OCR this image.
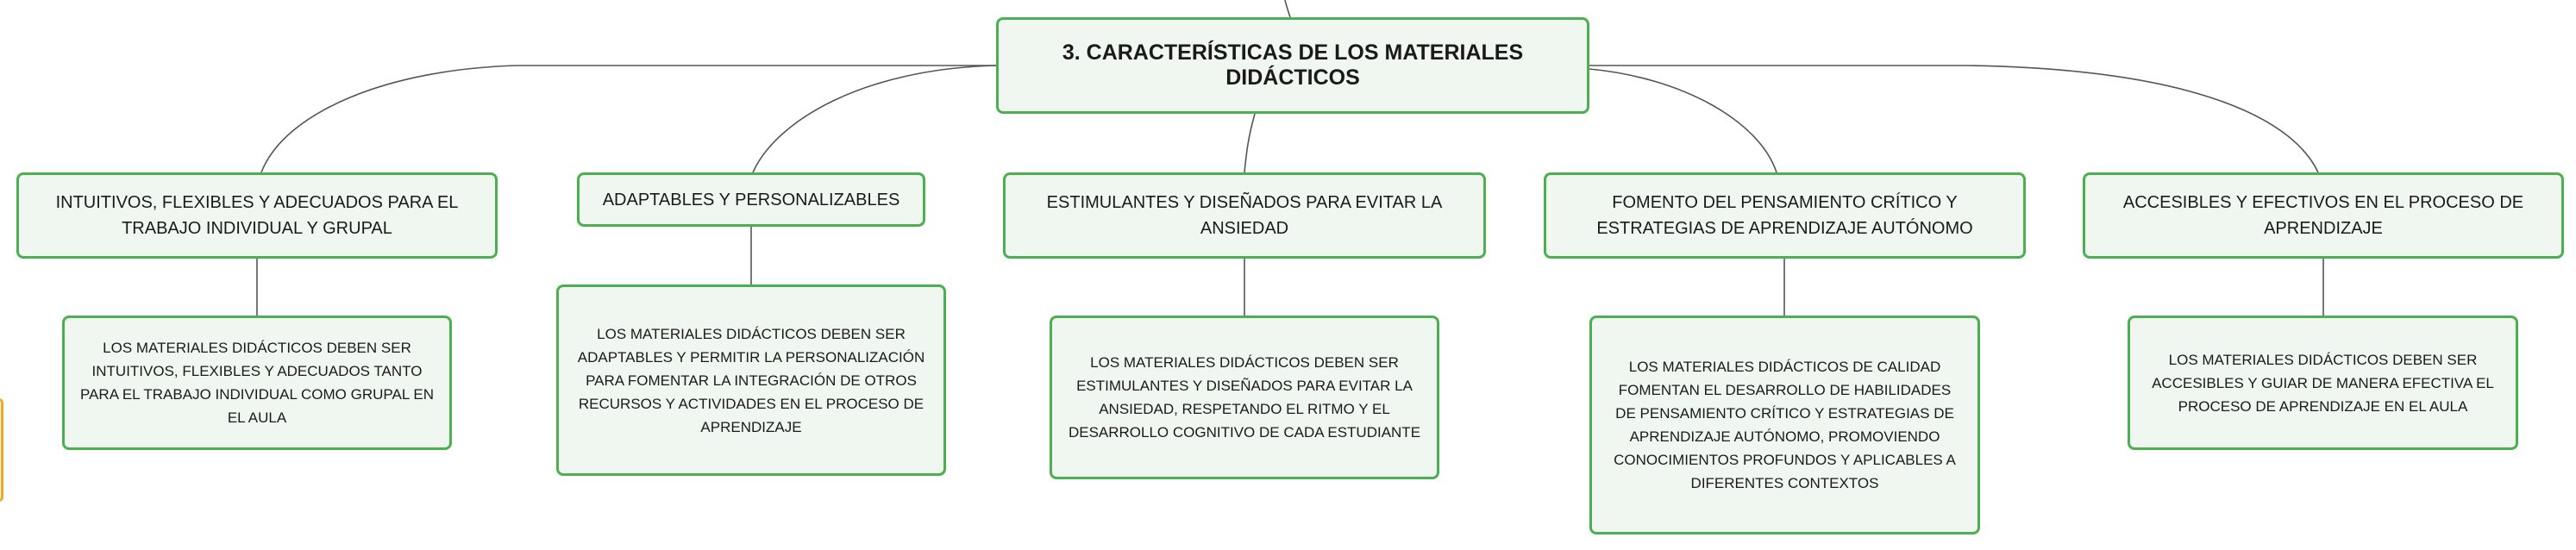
3. CARACTERÍSTICAS DE LOS MATERIALES DIDÁCTICOS
INTUITIVOS, FLEXIBLES Y ADECUADOS PARA EL TRABAJO INDIVIDUAL Y GRUPAL
ADAPTABLES Y PERSONALIZABLES	ESTIMULANTES Y DISEÑADOS PARA EVITAR LA ANSIEDAD
FOMENTO DEL PENSAMIENTO CRÍTICO Y ESTRATEGIAS DE APRENDIZAJE AUTÓNOMO
ACCESIBLES Y EFECTIVOS EN EL PROCESO DE APRENDIZAJE
LOS MATERIALES DIDÁCTICOS DEBEN SER INTUITIVOS, FLEXIBLES Y ADECUADOS TANTO PARA EL TRABAJO INDIVIDUAL COMO GRUPAL EN EL AULA
LOS MATERIALES DIDÁCTICOS DEBEN SER ADAPTABLES Y PERMITIR LA PERSONALIZACIÓN PARA FOMENTAR LA INTEGRACIÓN DE OTROS RECURSOS Y ACTIVIDADES EN EL PROCESO DE APRENDIZAJE
LOS MATERIALES DIDÁCTICOS DEBEN SER ESTIMULANTES Y DISEÑADOS PARA EVITAR LA ANSIEDAD, RESPETANDO EL RITMO Y EL DESARROLLO COGNITIVO DE CADA ESTUDIANTE
LOS MATERIALES DIDÁCTICOS DE CALIDAD FOMENTAN EL DESARROLLO DE HABILIDADES DE PENSAMIENTO CRÍTICO Y ESTRATEGIAS DE APRENDIZAJE AUTÓNOMO, PROMOVIENDO CONOCIMIENTOS PROFUNDOS Y APLICABLES A DIFERENTES CONTEXTOS
LOS MATERIALES DIDÁCTICOS DEBEN SER ACCESIBLES Y GUIAR DE MANERA EFECTIVA EL PROCESO DE APRENDIZAJE EN EL AULA
